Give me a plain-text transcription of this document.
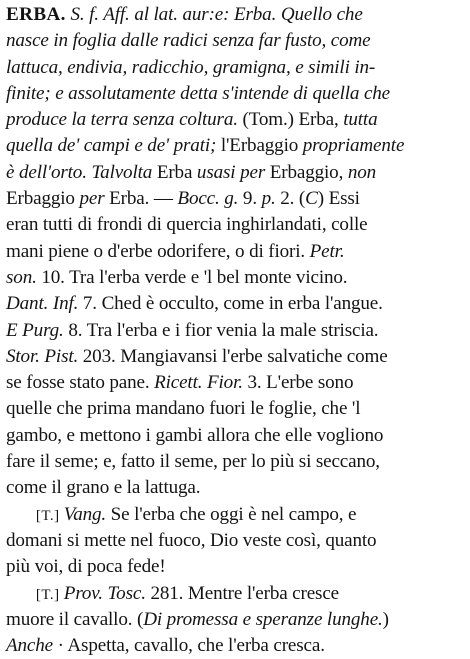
ERBA. S. f. Aff. al lat. aur:e: Erba. Quello che
nasce in foglia dalle radici senza far fusto, come
lattuca, endivia, radicchio, gramigna, e simili in-
finite; e assolutamente detta s'intende di quella che
produce la terra senza coltura. (Tom.) Erba, tutta
quella de' campi e de' prati; l'Erbaggio propriamente
è dell'orto. Talvolta Erba usasi per Erbaggio, non
Erbaggio per Erba. — Bocc. g. 9. p. 2. (C) Essi
eran tutti di frondi di quercia inghirlandati, colle
mani piene o d'erbe odorifere, o di fiori. Petr.
son. 10. Tra l'erba verde e 'l bel monte vicino.
Dant. Inf. 7. Ched è occulto, come in erba l'angue.
E Purg. 8. Tra l'erba e i fior venia la male striscia.
Stor. Pist. 203. Mangiavansi l'erbe salvatiche come
se fosse stato pane. Ricett. Fior. 3. L'erbe sono
quelle che prima mandano fuori le foglie, che 'l
gambo, e mettono i gambi allora che elle vogliono
fare il seme; e, fatto il seme, per lo più si seccano,
come il grano e la lattuga.
[T.] Vang. Se l'erba che oggi è nel campo, e
domani si mette nel fuoco, Dio veste così, quanto
più voi, di poca fede!
[T.] Prov. Tosc. 281. Mentre l'erba cresce
muore il cavallo. (Di promessa e speranze lunghe.)
Anche · Aspetta, cavallo, che l'erba cresca.
